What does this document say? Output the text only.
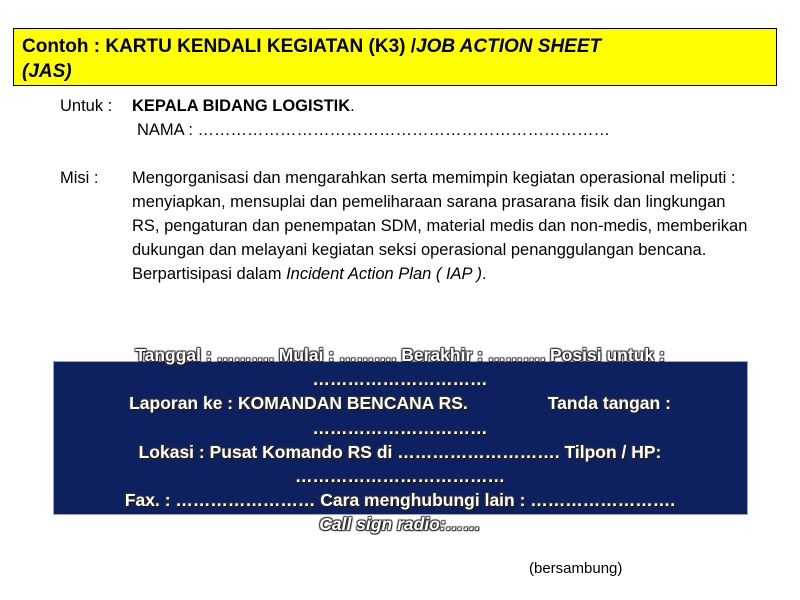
Contoh : KARTU KENDALI KEGIATAN (K3) /JOB ACTION SHEET
(JAS)
Untuk :	KEPALA BIDANG LOGISTIK.
NAMA : …………………………………………………………………
Misi :	Mengorganisasi dan mengarahkan serta memimpin kegiatan operasional meliputi : menyiapkan, mensuplai dan pemeliharaan sarana prasarana fisik dan lingkungan RS, pengaturan dan penempatan SDM, material medis dan non-medis, memberikan dukungan dan melayani kegiatan seksi operasional penanggulangan bencana.
Berpartisipasi dalam Incident Action Plan ( IAP ).
Tanggal : ………. Mulai : ………. Berakhir : ………. Posisi untuk :
…………………………
Laporan ke : KOMANDAN BENCANA RS.	Tanda tangan :
…………………………
Lokasi : Pusat Komando RS di ………………………. Tilpon / HP:
………………………………
Fax. : …………………… Cara menghubungi lain : …………………….
Call sign radio:……
(bersambung)
